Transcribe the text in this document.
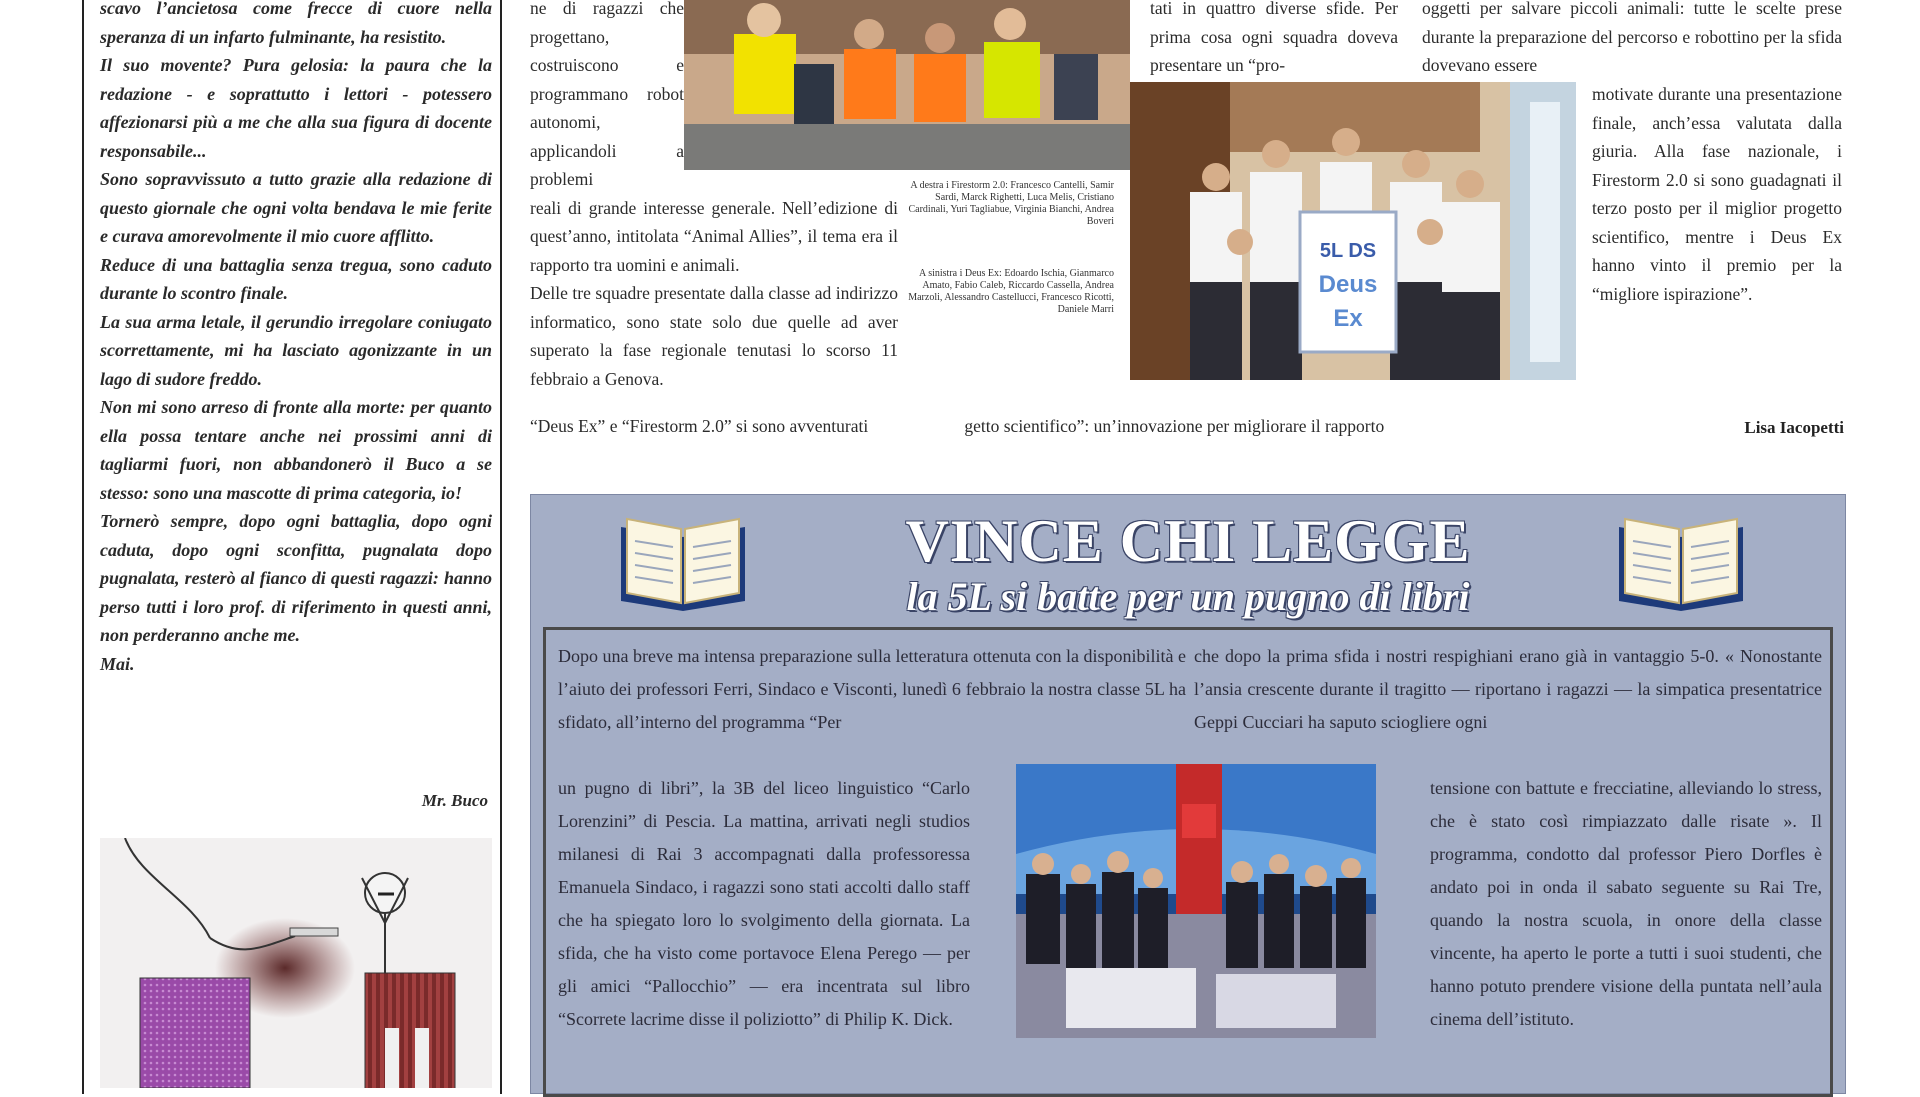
scavo l’ancietosa come frecce di cuore nella speranza di un infarto fulminante, ha resistito.

Il suo movente? Pura gelosia: la paura che la redazione - e soprattutto i lettori - potessero affezionarsi più a me che alla sua figura di docente responsabile...

Sono sopravvissuto a tutto grazie alla redazione di questo giornale che ogni volta bendava le mie ferite e curava amorevolmente il mio cuore afflitto.

Reduce di una battaglia senza tregua, sono caduto durante lo scontro finale.

La sua arma letale, il gerundio irregolare coniugato scorrettamente, mi ha lasciato agonizzante in un lago di sudore freddo.

Non mi sono arreso di fronte alla morte: per quanto ella possa tentare anche nei prossimi anni di tagliarmi fuori, non abbandonerò il Buco a se stesso: sono una mascotte di prima categoria, io!

Tornerò sempre, dopo ogni battaglia, dopo ogni caduta, dopo ogni sconfitta, pugnalata dopo pugnalata, resterò al fianco di questi ragazzi: hanno perso tutti i loro prof. di riferimento in questi anni, non perderanno anche me.

Mai.

Mr. Buco

ne di ragazzi che progettano, costruiscono e programmano robot autonomi, applicandoli a problemi

reali di grande interesse generale. Nell’edizione di quest’anno, intitolata “Animal Allies”, il tema era il rapporto tra uomini e animali.

Delle tre squadre presentate dalla classe ad indirizzo informatico, sono state solo due quelle ad aver superato la fase regionale tenutasi lo scorso 11 febbraio a Genova.

A destra i Firestorm 2.0: Francesco Cantelli, Samir Sardi, Marck Righetti, Luca Melis, Cristiano Cardinali, Yuri Tagliabue, Virginia Bianchi, Andrea Boveri
A sinistra i Deus Ex: Edoardo Ischia, Gianmarco Amato, Fabio Caleb, Riccardo Cassella, Andrea Marzoli, Alessandro Castellucci, Francesco Ricotti, Daniele Marri
5L DS
Deus
Ex
tati in quattro diverse sfide. Per prima cosa ogni squadra doveva presentare un “pro-
oggetti per salvare piccoli animali: tutte le scelte prese durante la preparazione del percorso e robottino per la sfida dovevano essere
motivate durante una presentazione finale, anch’essa valutata dalla giuria. Alla fase nazionale, i Firestorm 2.0 si sono guadagnati il terzo posto per il miglior progetto scientifico, mentre i Deus Ex hanno vinto il premio per la “migliore ispirazione”.
“Deus Ex” e “Firestorm 2.0” si sono avventurati	getto scientifico”: un’innovazione per migliorare il rapporto	Lisa Iacopetti
VINCE CHI LEGGE
la 5L si batte per un pugno di libri
Dopo una breve ma intensa preparazione sulla letteratura ottenuta con la disponibilità e l’aiuto dei professori Ferri, Sindaco e Visconti, lunedì 6 febbraio la nostra classe 5L ha sfidato, all’interno del programma “Per
un pugno di libri”, la 3B del liceo linguistico “Carlo Lorenzini” di Pescia. La mattina, arrivati negli studios milanesi di Rai 3 accompagnati dalla professoressa Emanuela Sindaco, i ragazzi sono stati accolti dallo staff che ha spiegato loro lo svolgimento della giornata. La sfida, che ha visto come portavoce Elena Perego — per gli amici “Pallocchio” — era incentrata sul libro “Scorrete lacrime disse il poliziotto” di Philip K. Dick.
che dopo la prima sfida i nostri respighiani erano già in vantaggio 5-0. « Nonostante l’ansia crescente durante il tragitto — riportano i ragazzi — la simpatica presentatrice Geppi Cucciari ha saputo sciogliere ogni
tensione con battute e frecciatine, alleviando lo stress, che è stato così rimpiazzato dalle risate ». Il programma, condotto dal professor Piero Dorfles è andato poi in onda il sabato seguente su Rai Tre, quando la nostra scuola, in onore della classe vincente, ha aperto le porte a tutti i suoi studenti, che hanno potuto prendere visione della puntata nell’aula cinema dell’istituto.
